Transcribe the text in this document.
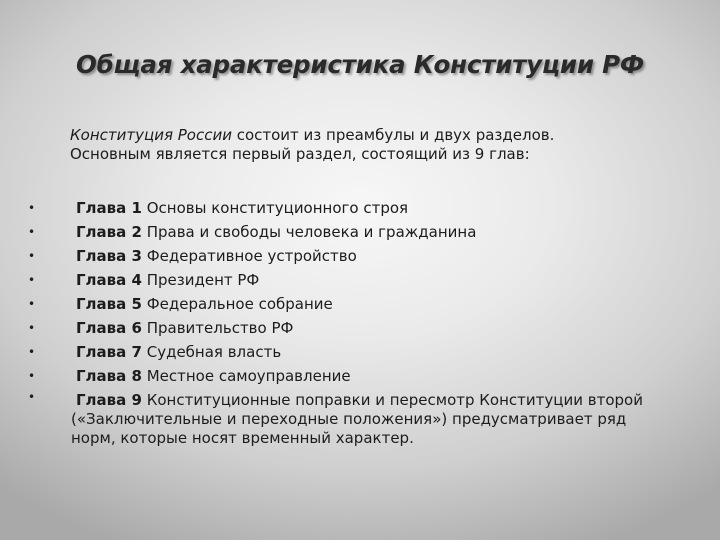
Общая характеристика Конституции РФ
Конституция России состоит из преамбулы и двух разделов.
Основным является первый раздел, состоящий из 9 глав:
•	Глава 1 Основы конституционного строя
•	Глава 2 Права и свободы человека и гражданина
•	Глава 3 Федеративное устройство
•	Глава 4 Президент РФ
•	Глава 5 Федеральное собрание
•	Глава 6 Правительство РФ
•	Глава 7 Судебная власть
•	Глава 8 Местное самоуправление
•	Глава 9 Конституционные поправки и пересмотр Конституции второй
(«Заключительные и переходные положения») предусматривает ряд
норм, которые носят временный характер.
